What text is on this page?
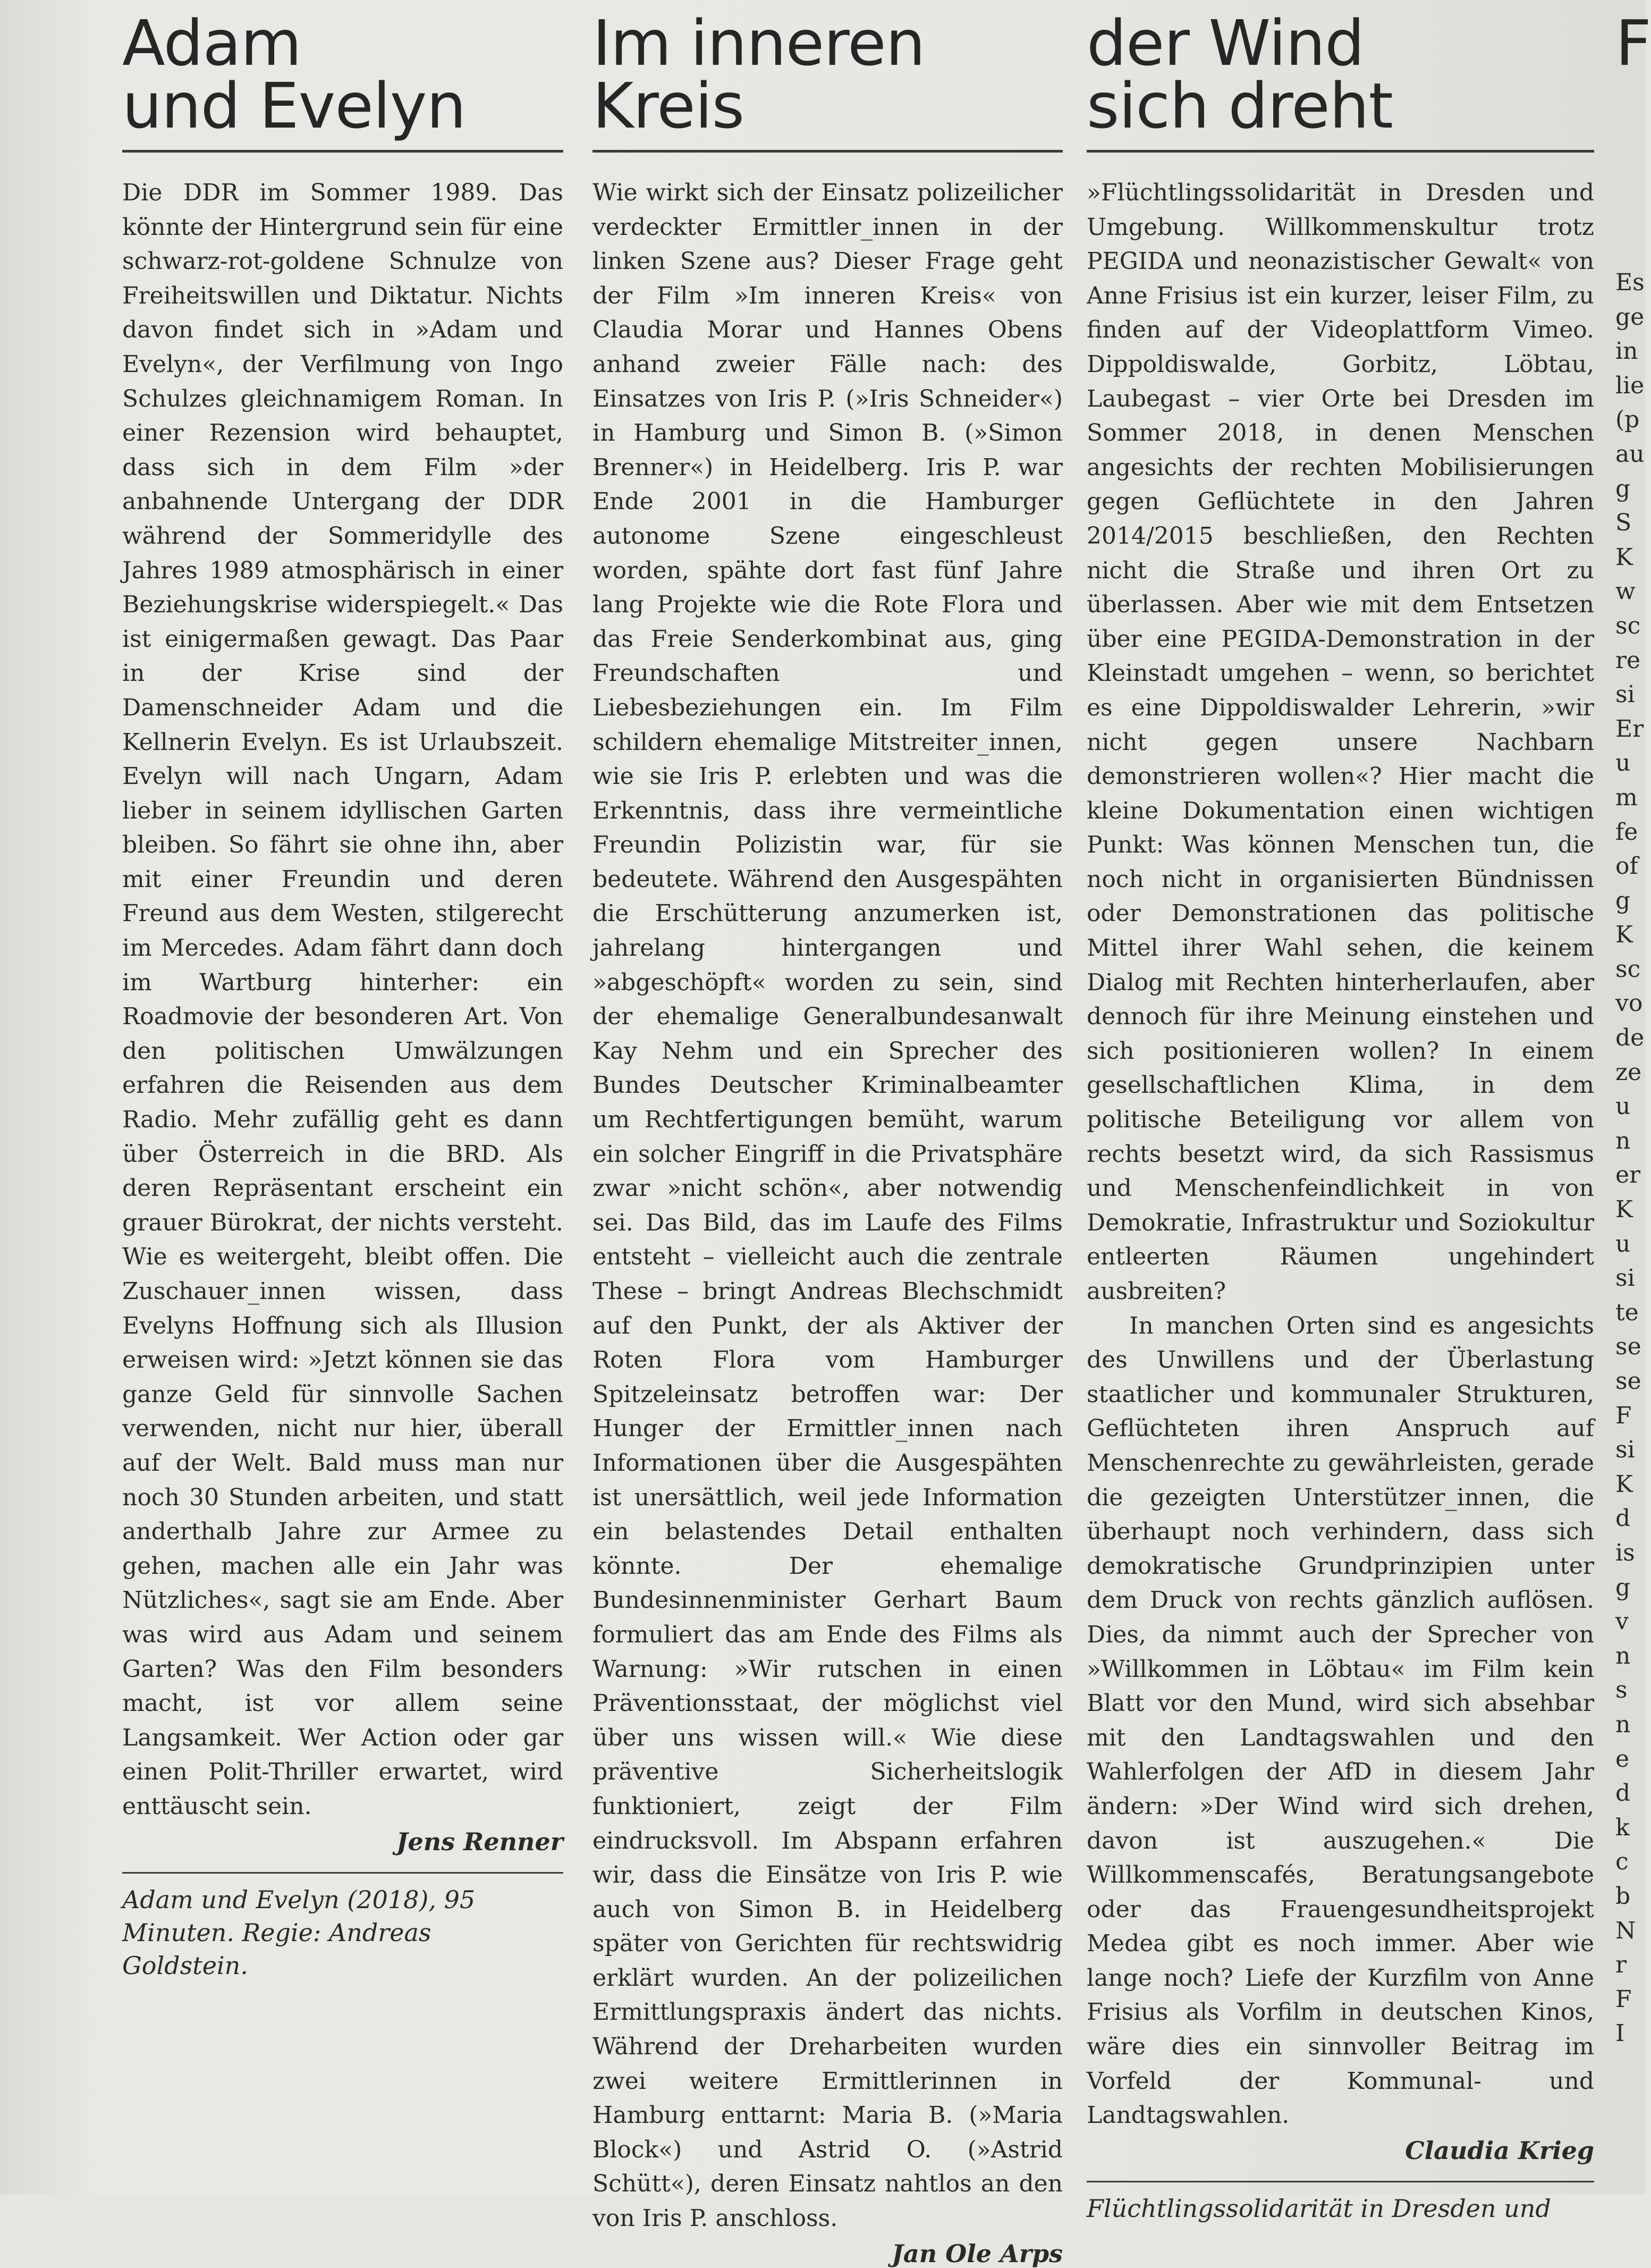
Adam
und Evelyn

Die DDR im Sommer 1989. Das könnte der Hintergrund sein für eine schwarz-rot-goldene Schnulze von Freiheitswillen und Diktatur. Nichts davon findet sich in »Adam und Evelyn«, der Verfilmung von Ingo Schulzes gleichnamigem Roman. In einer Rezension wird behauptet, dass sich in dem Film »der anbahnende Untergang der DDR während der Sommeridylle des Jahres 1989 atmosphärisch in einer Beziehungskrise widerspiegelt.« Das ist einigermaßen gewagt. Das Paar in der Krise sind der Damenschneider Adam und die Kellnerin Evelyn. Es ist Urlaubszeit. Evelyn will nach Ungarn, Adam lieber in seinem idyllischen Garten bleiben. So fährt sie ohne ihn, aber mit einer Freundin und deren Freund aus dem Westen, stilgerecht im Mercedes. Adam fährt dann doch im Wartburg hinterher: ein Roadmovie der besonderen Art. Von den politischen Umwälzungen erfahren die Reisenden aus dem Radio. Mehr zufällig geht es dann über Österreich in die BRD. Als deren Repräsentant erscheint ein grauer Bürokrat, der nichts versteht. Wie es weitergeht, bleibt offen. Die Zuschauer_innen wissen, dass Evelyns Hoffnung sich als Illusion erweisen wird: »Jetzt können sie das ganze Geld für sinnvolle Sachen verwenden, nicht nur hier, überall auf der Welt. Bald muss man nur noch 30 Stunden arbeiten, und statt anderthalb Jahre zur Armee zu gehen, machen alle ein Jahr was Nützliches«, sagt sie am Ende. Aber was wird aus Adam und seinem Garten? Was den Film besonders macht, ist vor allem seine Langsamkeit. Wer Action oder gar einen Polit-Thriller erwartet, wird enttäuscht sein.

Jens Renner
Adam und Evelyn (2018), 95 Minuten. Regie: Andreas Goldstein.
Im inneren
Kreis

Wie wirkt sich der Einsatz polizeilicher verdeckter Ermittler_innen in der linken Szene aus? Dieser Frage geht der Film »Im inneren Kreis« von Claudia Morar und Hannes Obens anhand zweier Fälle nach: des Einsatzes von Iris P. (»Iris Schneider«) in Hamburg und Simon B. (»Simon Brenner«) in Heidelberg. Iris P. war Ende 2001 in die Hamburger autonome Szene eingeschleust worden, spähte dort fast fünf Jahre lang Projekte wie die Rote Flora und das Freie Senderkombinat aus, ging Freundschaften und Liebesbeziehungen ein. Im Film schildern ehemalige Mitstreiter_innen, wie sie Iris P. erlebten und was die Erkenntnis, dass ihre vermeintliche Freundin Polizistin war, für sie bedeutete. Während den Ausgespähten die Erschütterung anzumerken ist, jahrelang hintergangen und »abgeschöpft« worden zu sein, sind der ehemalige Generalbundesanwalt Kay Nehm und ein Sprecher des Bundes Deutscher Kriminalbeamter um Rechtfertigungen bemüht, warum ein solcher Eingriff in die Privatsphäre zwar »nicht schön«, aber notwendig sei. Das Bild, das im Laufe des Films entsteht – vielleicht auch die zentrale These – bringt Andreas Blechschmidt auf den Punkt, der als Aktiver der Roten Flora vom Hamburger Spitzeleinsatz betroffen war: Der Hunger der Ermittler_innen nach Informationen über die Ausgespähten ist unersättlich, weil jede Information ein belastendes Detail enthalten könnte. Der ehemalige Bundesinnenminister Gerhart Baum formuliert das am Ende des Films als Warnung: »Wir rutschen in einen Präventionsstaat, der möglichst viel über uns wissen will.« Wie diese präventive Sicherheitslogik funktioniert, zeigt der Film eindrucksvoll. Im Abspann erfahren wir, dass die Einsätze von Iris P. wie auch von Simon B. in Heidelberg später von Gerichten für rechtswidrig erklärt wurden. An der polizeilichen Ermittlungspraxis ändert das nichts. Während der Dreharbeiten wurden zwei weitere Ermittlerinnen in Hamburg enttarnt: Maria B. (»Maria Block«) und Astrid O. (»Astrid Schütt«), deren Einsatz nahtlos an den von Iris P. anschloss.

Jan Ole Arps
der Wind
sich dreht

»Flüchtlingssolidarität in Dresden und Umgebung. Willkommenskultur trotz PEGIDA und neonazistischer Gewalt« von Anne Frisius ist ein kurzer, leiser Film, zu finden auf der Videoplattform Vimeo. Dippoldiswalde, Gorbitz, Löbtau, Laubegast – vier Orte bei Dresden im Sommer 2018, in denen Menschen angesichts der rechten Mobilisierungen gegen Geflüchtete in den Jahren 2014/2015 beschließen, den Rechten nicht die Straße und ihren Ort zu überlassen. Aber wie mit dem Entsetzen über eine PEGIDA-Demonstration in der Kleinstadt umgehen – wenn, so berichtet es eine Dippoldiswalder Lehrerin, »wir nicht gegen unsere Nachbarn demonstrieren wollen«? Hier macht die kleine Dokumentation einen wichtigen Punkt: Was können Menschen tun, die noch nicht in organisierten Bündnissen oder Demonstrationen das politische Mittel ihrer Wahl sehen, die keinem Dialog mit Rechten hinterherlaufen, aber dennoch für ihre Meinung einstehen und sich positionieren wollen? In einem gesellschaftlichen Klima, in dem politische Beteiligung vor allem von rechts besetzt wird, da sich Rassismus und Menschenfeindlichkeit in von Demokratie, Infrastruktur und Soziokultur entleerten Räumen ungehindert ausbreiten?

In manchen Orten sind es angesichts des Unwillens und der Überlastung staatlicher und kommunaler Strukturen, Geflüchteten ihren Anspruch auf Menschenrechte zu gewährleisten, gerade die gezeigten Unterstützer_innen, die überhaupt noch verhindern, dass sich demokratische Grundprinzipien unter dem Druck von rechts gänzlich auflösen. Dies, da nimmt auch der Sprecher von »Willkommen in Löbtau« im Film kein Blatt vor den Mund, wird sich absehbar mit den Landtagswahlen und den Wahlerfolgen der AfD in diesem Jahr ändern: »Der Wind wird sich drehen, davon ist auszugehen.« Die Willkommenscafés, Beratungsangebote oder das Frauengesundheitsprojekt Medea gibt es noch immer. Aber wie lange noch? Liefe der Kurzfilm von Anne Frisius als Vorfilm in deutschen Kinos, wäre dies ein sinnvoller Beitrag im Vorfeld der Kommunal- und Landtagswahlen.

Claudia Krieg
Flüchtlingssolidarität in Dresden und
F
Es ge in lie (p au g S K w sc re si Er u m fe of g K sc vo de ze u n er K u si te se se F si K d is g v n s n e d k c b N r F I
